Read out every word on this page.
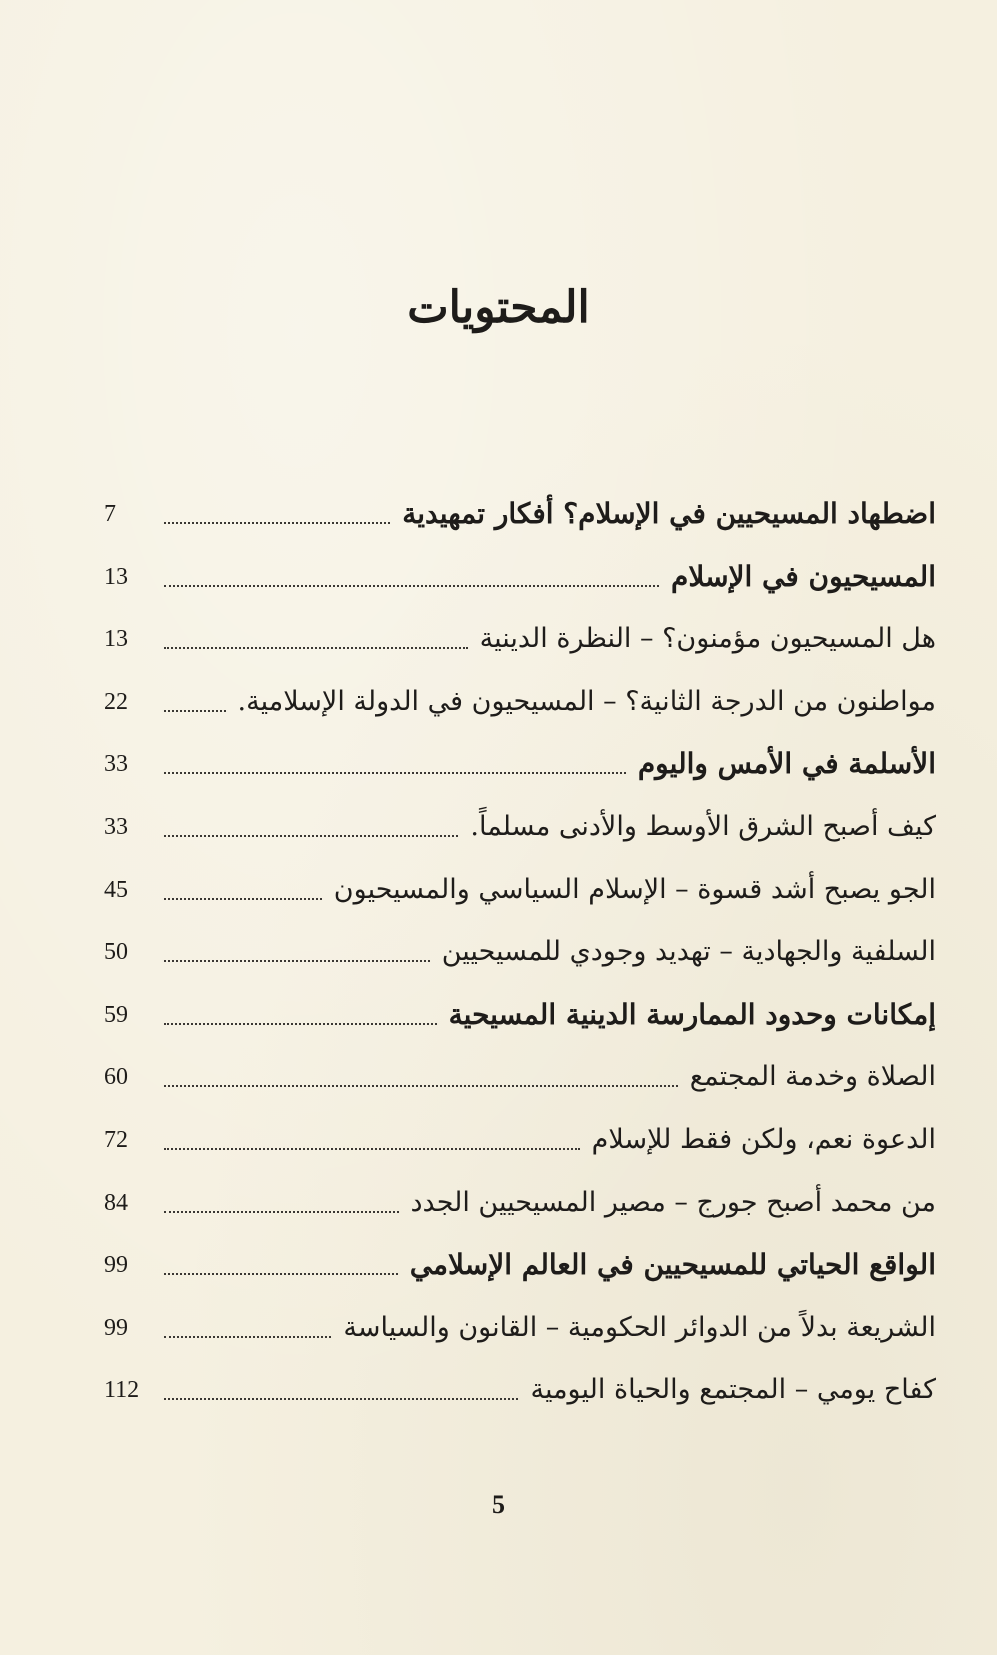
المحتويات
اضطهاد المسيحيين في الإسلام؟ أفكار تمهيدية
7
المسيحيون في الإسلام
13
هل المسيحيون مؤمنون؟ – النظرة الدينية
13
مواطنون من الدرجة الثانية؟ – المسيحيون في الدولة الإسلامية.
22
الأسلمة في الأمس واليوم
33
كيف أصبح الشرق الأوسط والأدنى مسلماً.
33
الجو يصبح أشد قسوة – الإسلام السياسي والمسيحيون
45
السلفية والجهادية – تهديد وجودي للمسيحيين
50
إمكانات وحدود الممارسة الدينية المسيحية
59
الصلاة وخدمة المجتمع
60
الدعوة نعم، ولكن فقط للإسلام
72
من محمد أصبح جورج – مصير المسيحيين الجدد
84
الواقع الحياتي للمسيحيين في العالم الإسلامي
99
الشريعة بدلاً من الدوائر الحكومية – القانون والسياسة
99
كفاح يومي – المجتمع والحياة اليومية
112
5
